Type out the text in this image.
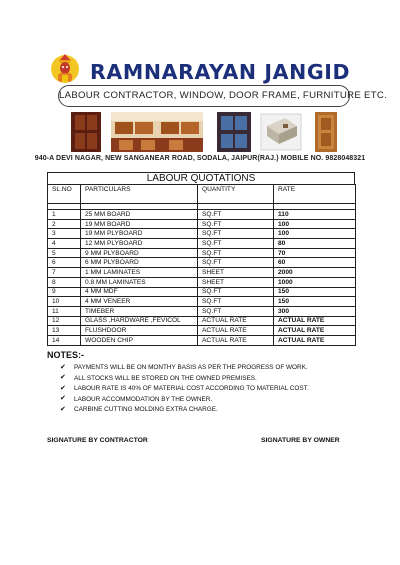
RAMNARAYAN JANGID
LABOUR CONTRACTOR, WINDOW, DOOR FRAME, FURNITURE ETC.
940-A DEVI NAGAR, NEW SANGANEAR ROAD, SODALA, JAIPUR(RAJ.) MOBILE NO. 9828048321
LABOUR QUOTATIONS
SL.NO	PARTICULARS	QUANTITY	RATE

1	25 MM BOARD	SQ.FT	110
2	19 MM BOARD	SQ.FT	100
3	19 MM PLYBOARD	SQ.FT	100
4	12 MM PLYBOARD	SQ.FT	80
5	9 MM PLYBOARD	SQ.FT	70
6	6 MM PLYBOARD	SQ.FT	60
7	1 MM LAMINATES	SHEET	2000
8	0.8 MM LAMINATES	SHEET	1000
9	4 MM MDF	SQ.FT	150
10	4 MM VENEER	SQ.FT	150
11	TIMEBER	SQ.FT	300
12	GLASS ,HARDWARE ,FEVICOL	ACTUAL RATE	ACTUAL RATE
13	FLUSHDOOR	ACTUAL RATE	ACTUAL RATE
14	WOODEN CHIP	ACTUAL RATE	ACTUAL RATE
NOTES:-
✔ PAYMENTS WILL BE ON MONTHY BASIS AS PER THE PROGRESS OF WORK.
✔ ALL STOCKS WILL BE STORED ON THE OWNED PREMISES.
✔ LABOUR RATE IS 40% OF MATERIAL COST ACCORDING TO MATERIAL COST.
✔ LABOUR ACCOMMODATION BY THE OWNER.
✔ CARBINE CUTTING MOLDING EXTRA CHARGE.
SIGNATURE BY CONTRACTOR	SIGNATURE BY OWNER
